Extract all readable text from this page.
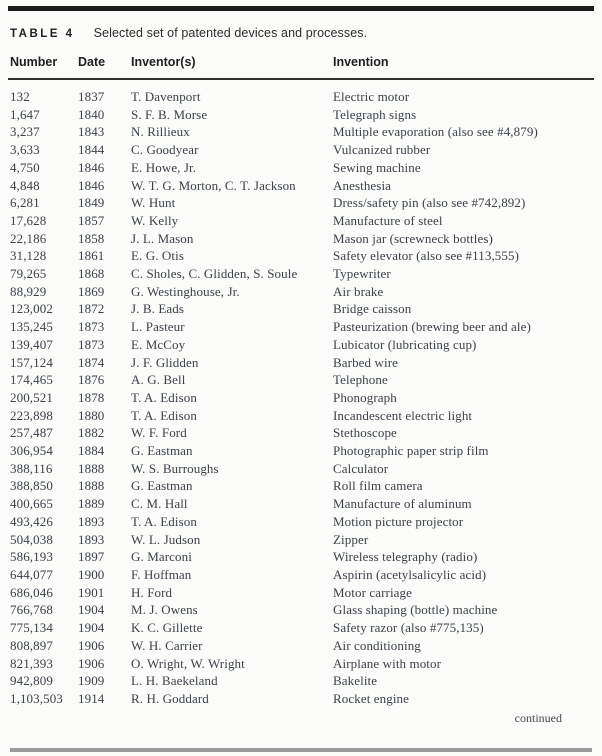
TABLE 4 Selected set of patented devices and processes.
Number	Date	Inventor(s)	Invention
132	1837	T. Davenport	Electric motor
1,647	1840	S. F. B. Morse	Telegraph signs
3,237	1843	N. Rillieux	Multiple evaporation (also see #4,879)
3,633	1844	C. Goodyear	Vulcanized rubber
4,750	1846	E. Howe, Jr.	Sewing machine
4,848	1846	W. T. G. Morton, C. T. Jackson	Anesthesia
6,281	1849	W. Hunt	Dress/safety pin (also see #742,892)
17,628	1857	W. Kelly	Manufacture of steel
22,186	1858	J. L. Mason	Mason jar (screwneck bottles)
31,128	1861	E. G. Otis	Safety elevator (also see #113,555)
79,265	1868	C. Sholes, C. Glidden, S. Soule	Typewriter
88,929	1869	G. Westinghouse, Jr.	Air brake
123,002	1872	J. B. Eads	Bridge caisson
135,245	1873	L. Pasteur	Pasteurization (brewing beer and ale)
139,407	1873	E. McCoy	Lubicator (lubricating cup)
157,124	1874	J. F. Glidden	Barbed wire
174,465	1876	A. G. Bell	Telephone
200,521	1878	T. A. Edison	Phonograph
223,898	1880	T. A. Edison	Incandescent electric light
257,487	1882	W. F. Ford	Stethoscope
306,954	1884	G. Eastman	Photographic paper strip film
388,116	1888	W. S. Burroughs	Calculator
388,850	1888	G. Eastman	Roll film camera
400,665	1889	C. M. Hall	Manufacture of aluminum
493,426	1893	T. A. Edison	Motion picture projector
504,038	1893	W. L. Judson	Zipper
586,193	1897	G. Marconi	Wireless telegraphy (radio)
644,077	1900	F. Hoffman	Aspirin (acetylsalicylic acid)
686,046	1901	H. Ford	Motor carriage
766,768	1904	M. J. Owens	Glass shaping (bottle) machine
775,134	1904	K. C. Gillette	Safety razor (also #775,135)
808,897	1906	W. H. Carrier	Air conditioning
821,393	1906	O. Wright, W. Wright	Airplane with motor
942,809	1909	L. H. Baekeland	Bakelite
1,103,503	1914	R. H. Goddard	Rocket engine
continued
